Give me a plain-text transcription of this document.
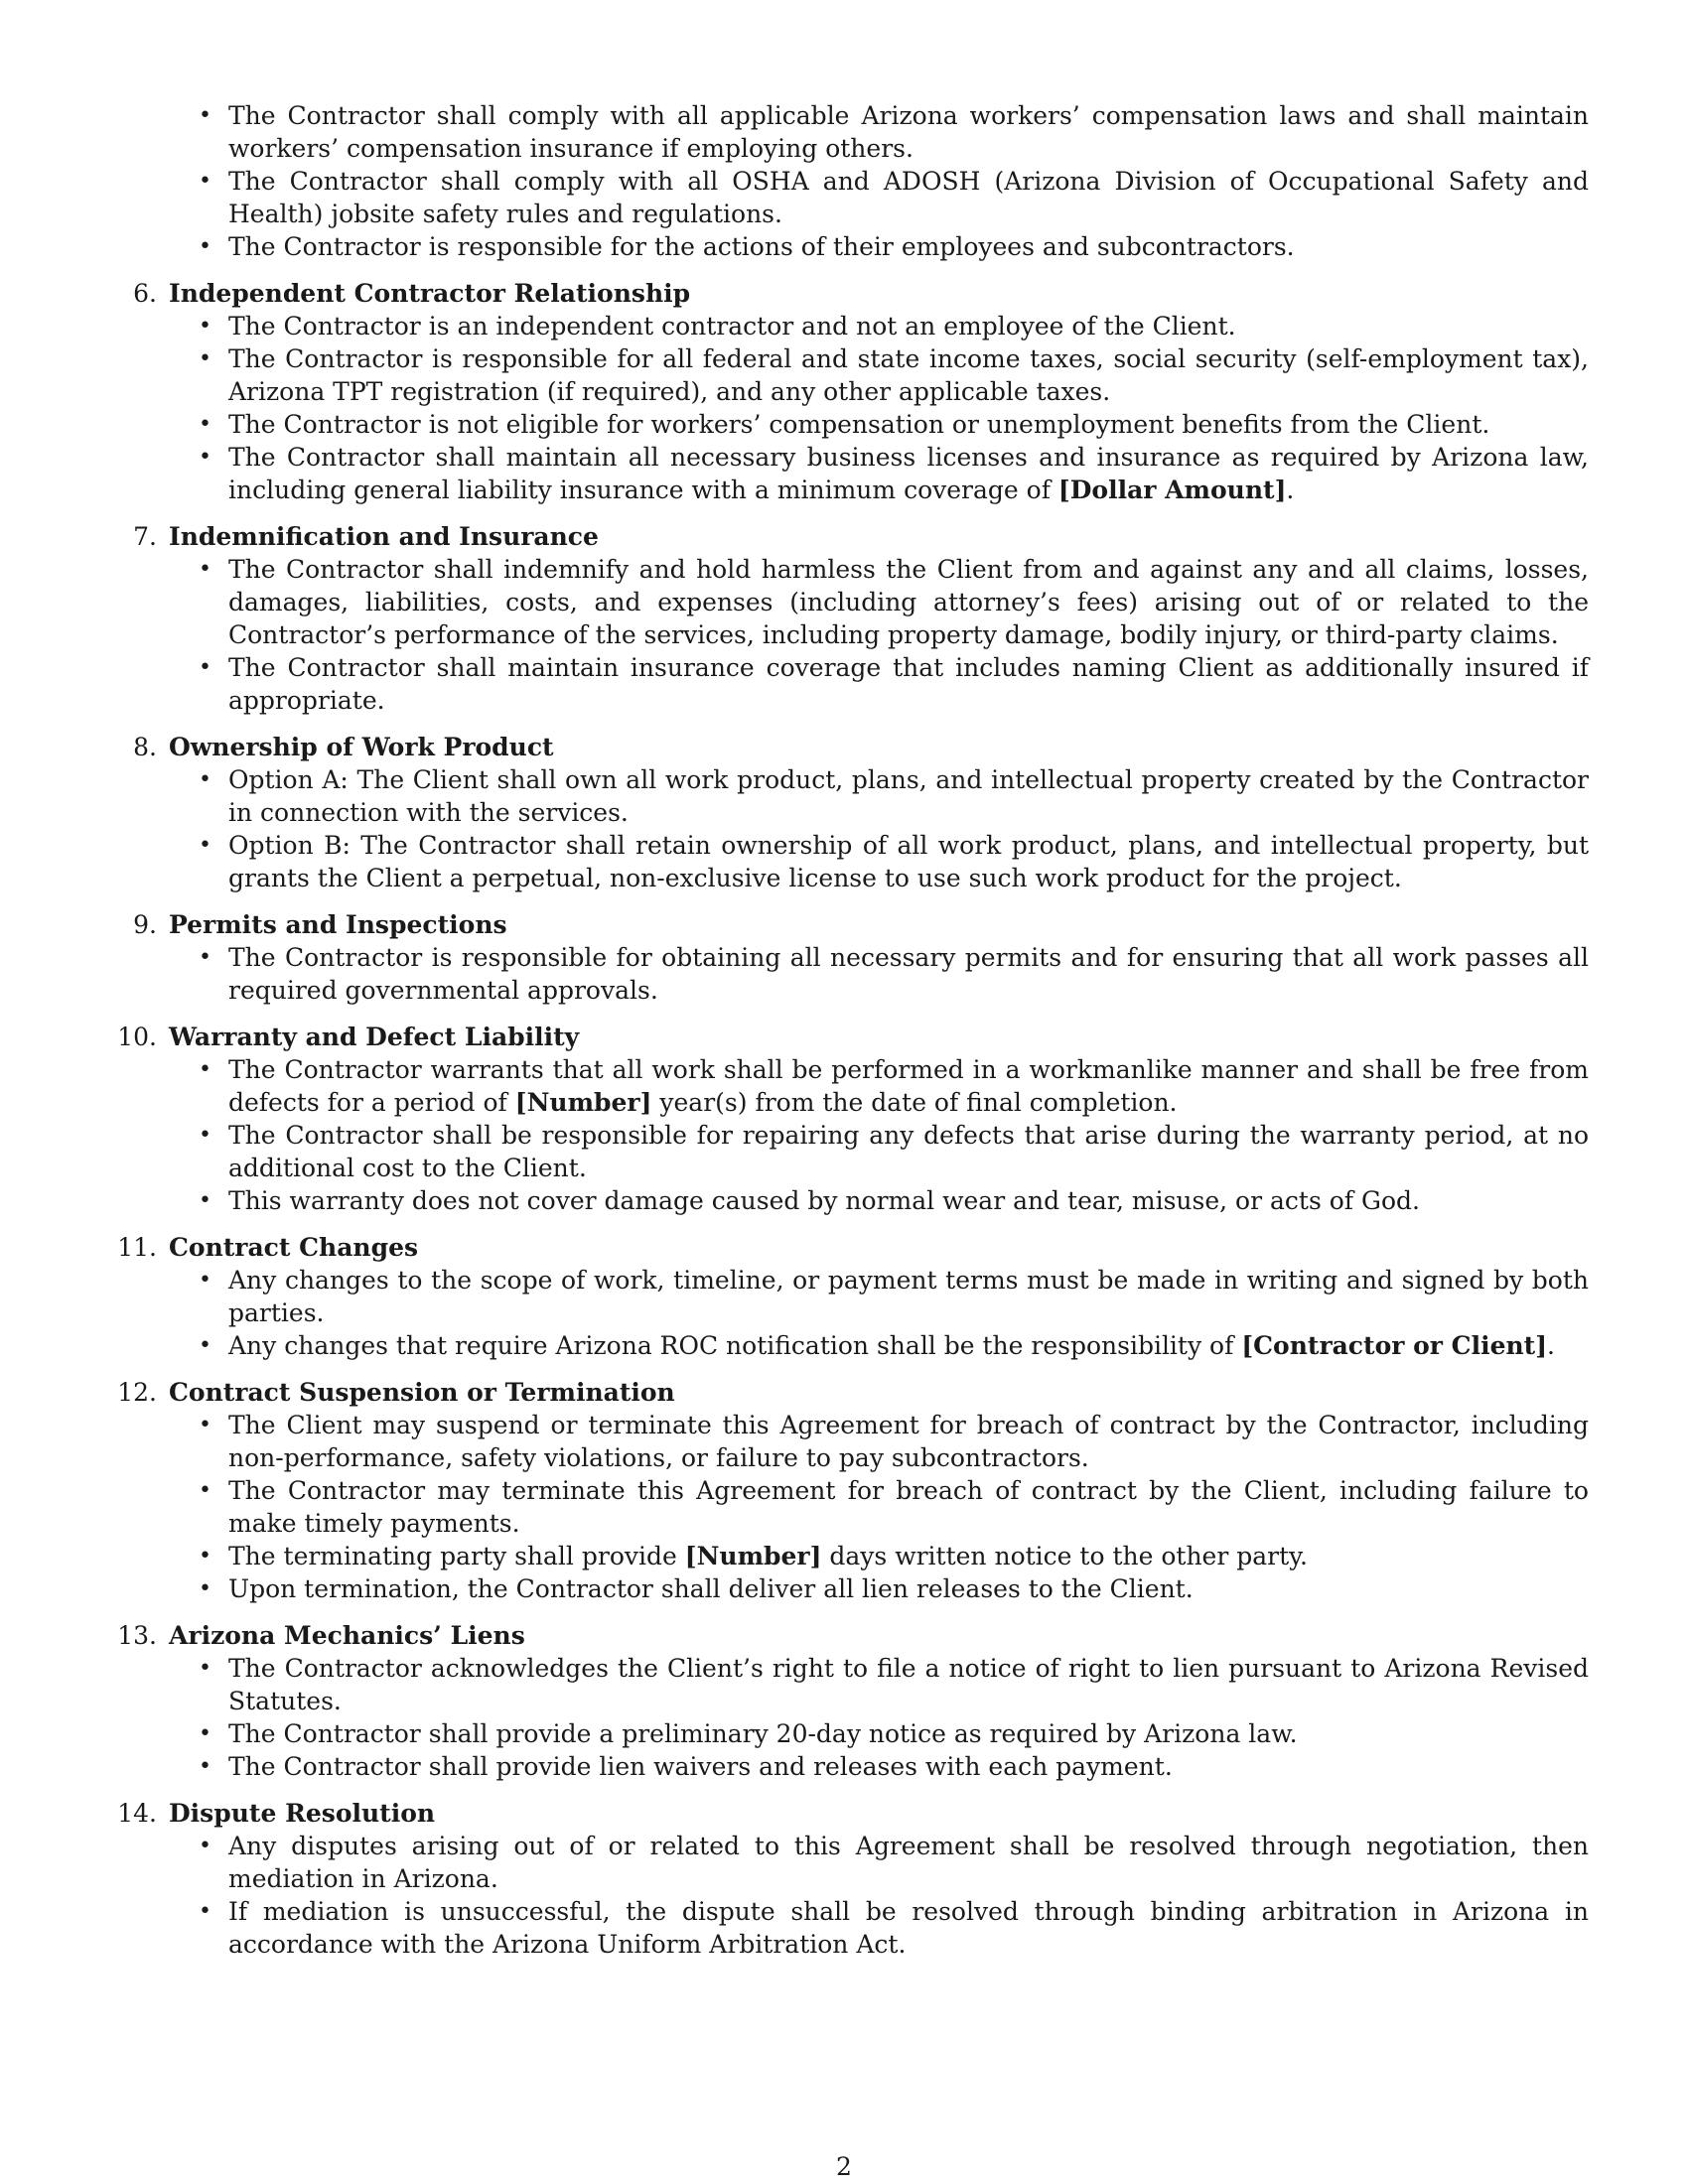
• The Contractor shall comply with all applicable Arizona workers’ compensation laws and shall maintain workers’ compensation insurance if employing others.
• The Contractor shall comply with all OSHA and ADOSH (Arizona Division of Occupational Safety and Health) jobsite safety rules and regulations.
• The Contractor is responsible for the actions of their employees and subcontractors.
6. Independent Contractor Relationship
• The Contractor is an independent contractor and not an employee of the Client.
• The Contractor is responsible for all federal and state income taxes, social security (self-employment tax), Arizona TPT registration (if required), and any other applicable taxes.
• The Contractor is not eligible for workers’ compensation or unemployment benefits from the Client.
• The Contractor shall maintain all necessary business licenses and insurance as required by Arizona law, including general liability insurance with a minimum coverage of [Dollar Amount].
7. Indemnification and Insurance
• The Contractor shall indemnify and hold harmless the Client from and against any and all claims, losses, damages, liabilities, costs, and expenses (including attorney’s fees) arising out of or related to the Contractor’s performance of the services, including property damage, bodily injury, or third-party claims.
• The Contractor shall maintain insurance coverage that includes naming Client as additionally insured if appropriate.
8. Ownership of Work Product
• Option A: The Client shall own all work product, plans, and intellectual property created by the Contractor in connection with the services.
• Option B: The Contractor shall retain ownership of all work product, plans, and intellectual property, but grants the Client a perpetual, non-exclusive license to use such work product for the project.
9. Permits and Inspections
• The Contractor is responsible for obtaining all necessary permits and for ensuring that all work passes all required governmental approvals.
10. Warranty and Defect Liability
• The Contractor warrants that all work shall be performed in a workmanlike manner and shall be free from defects for a period of [Number] year(s) from the date of final completion.
• The Contractor shall be responsible for repairing any defects that arise during the warranty period, at no additional cost to the Client.
• This warranty does not cover damage caused by normal wear and tear, misuse, or acts of God.
11. Contract Changes
• Any changes to the scope of work, timeline, or payment terms must be made in writing and signed by both parties.
• Any changes that require Arizona ROC notification shall be the responsibility of [Contractor or Client].
12. Contract Suspension or Termination
• The Client may suspend or terminate this Agreement for breach of contract by the Contractor, including non-performance, safety violations, or failure to pay subcontractors.
• The Contractor may terminate this Agreement for breach of contract by the Client, including failure to make timely payments.
• The terminating party shall provide [Number] days written notice to the other party.
• Upon termination, the Contractor shall deliver all lien releases to the Client.
13. Arizona Mechanics’ Liens
• The Contractor acknowledges the Client’s right to file a notice of right to lien pursuant to Arizona Revised Statutes.
• The Contractor shall provide a preliminary 20-day notice as required by Arizona law.
• The Contractor shall provide lien waivers and releases with each payment.
14. Dispute Resolution
• Any disputes arising out of or related to this Agreement shall be resolved through negotiation, then mediation in Arizona.
• If mediation is unsuccessful, the dispute shall be resolved through binding arbitration in Arizona in accordance with the Arizona Uniform Arbitration Act.
2
